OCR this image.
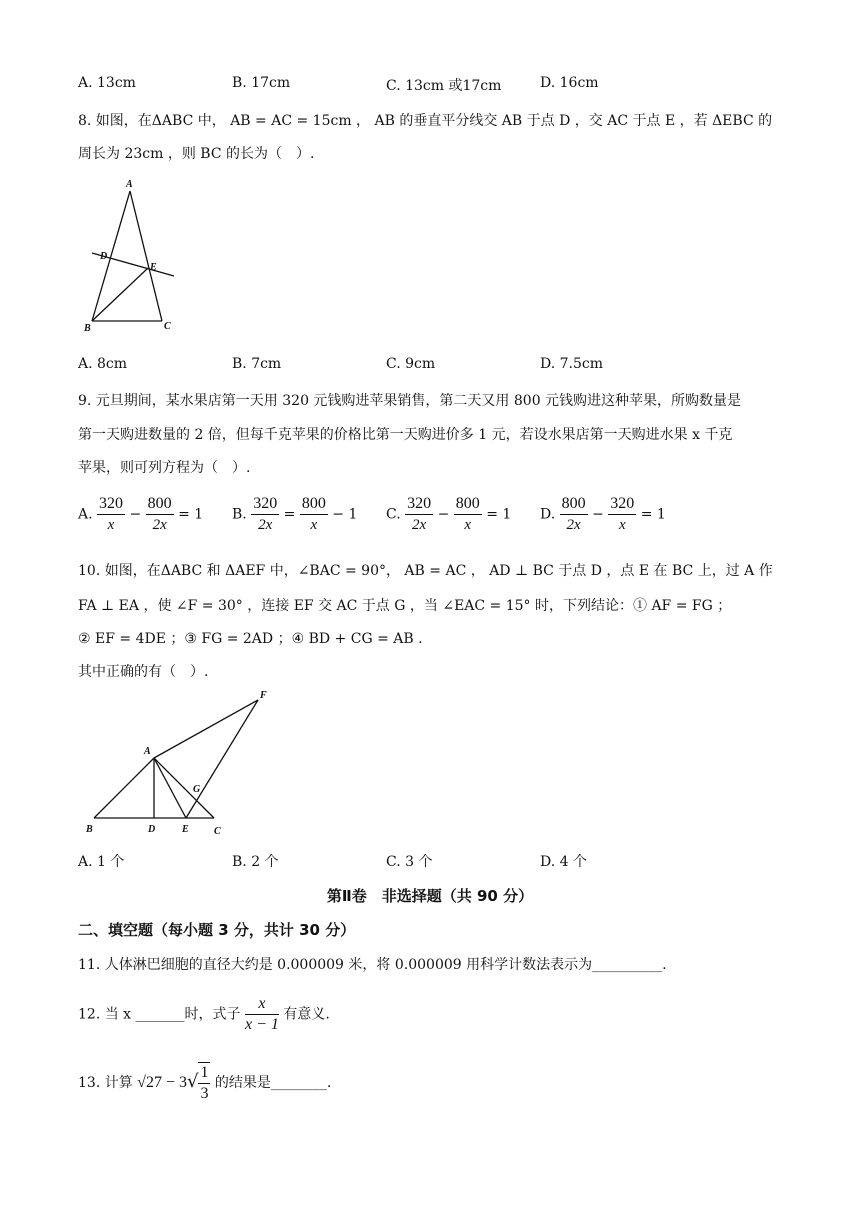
A. 13cm	B. 17cm	C. 13cm 或17cm	D. 16cm
8. 如图，在ΔABC 中， AB = AC = 15cm ， AB 的垂直平分线交 AB 于点 D ，交 AC 于点 E ，若 ΔEBC 的
周长为 23cm ，则 BC 的长为（　）.
A
D
E
B	C
A. 8cm	B. 7cm	C. 9cm	D. 7.5cm
9. 元旦期间，某水果店第一天用 320 元钱购进苹果销售，第二天又用 800 元钱购进这种苹果，所购数量是
第一天购进数量的 2 倍，但每千克苹果的价格比第一天购进价多 1 元，若设水果店第一天购进水果 x 千克
苹果，则可列方程为（　）.
A. $\frac{320}{x} - \frac{800}{2x} = 1$ B. $\frac{320}{2x} = \frac{800}{x} - 1$ C. $\frac{320}{2x} - \frac{800}{x} = 1$ D. $\frac{800}{2x} - \frac{320}{x} = 1$
10. 如图，在ΔABC 和 ΔAEF 中，∠BAC = 90°， AB = AC ， AD ⊥ BC 于点 D ，点 E 在 BC 上，过 A 作
FA ⊥ EA ，使 ∠F = 30° ，连接 EF 交 AC 于点 G ，当 ∠EAC = 15° 时，下列结论：① AF = FG ；
② EF = 4DE ；③ FG = 2AD ；④ BD + CG = AB .
其中正确的有（　）.
A
B	D	E	C
F
G
A. 1 个	B. 2 个	C. 3 个	D. 4 个
第Ⅱ卷　非选择题（共 90 分）
二、填空题（每小题 3 分，共计 30 分）
11. 人体淋巴细胞的直径大约是 0.000009 米，将 0.000009 用科学计数法表示为__________.
12. 当 x _______时，式子 $\frac{x}{x - 1}$ 有意义.
13. 计算 $√27 - 3√ \frac{1}{3}$ 的结果是________.
